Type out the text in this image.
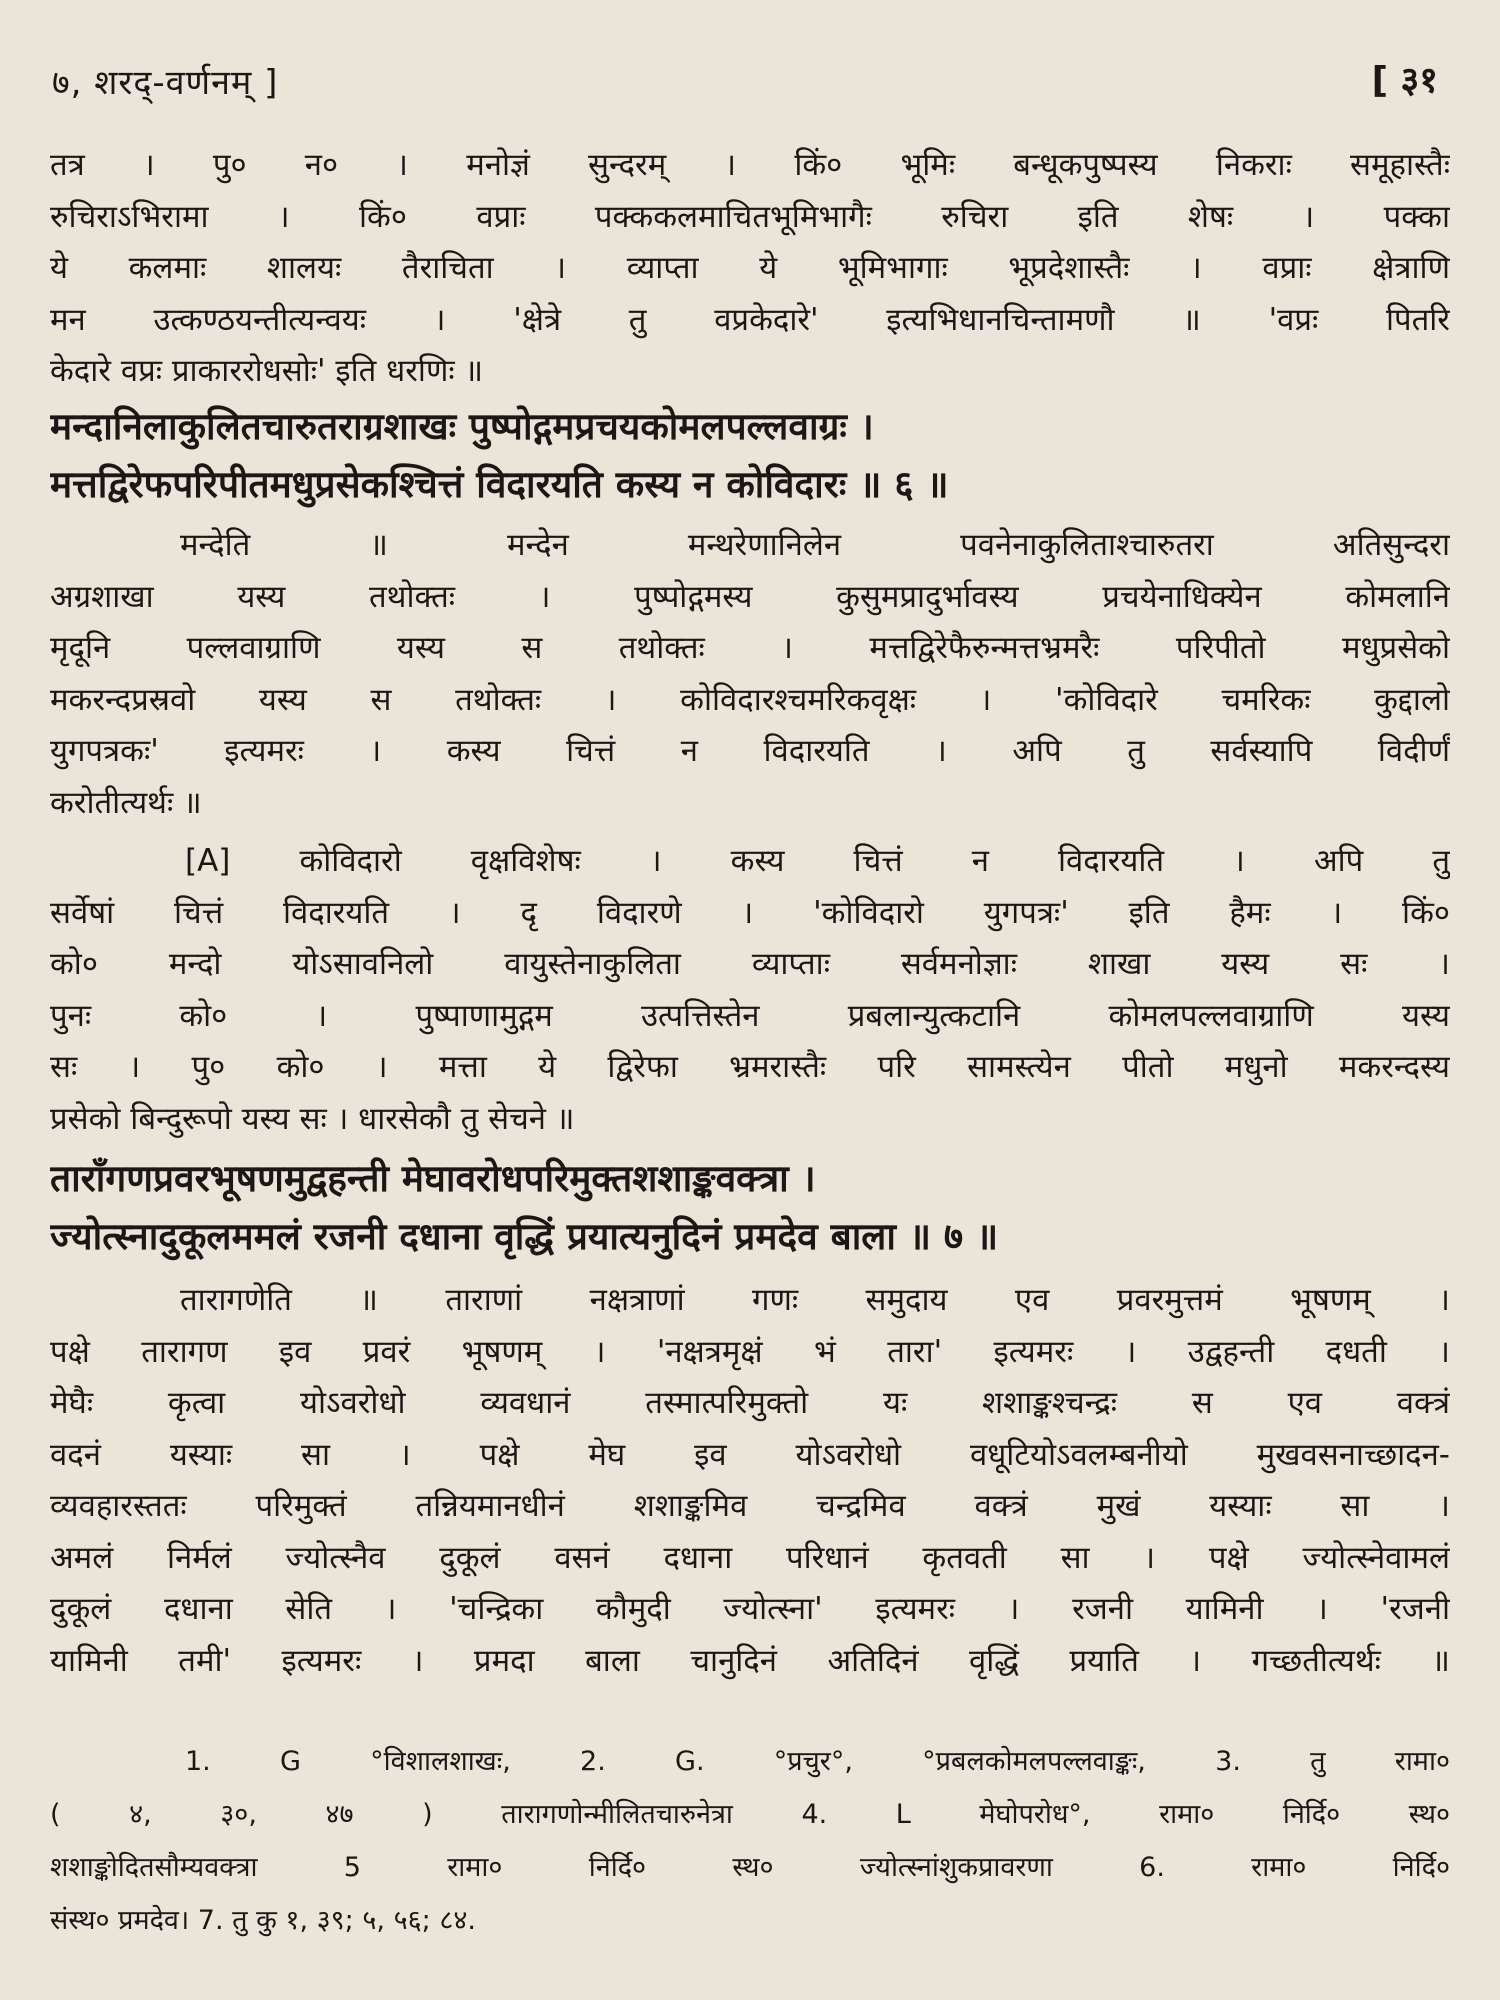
७, शरद्-वर्णनम् ]	[ ३१
तत्र । पु० न० । मनोज्ञं सुन्दरम् । किं० भूमिः बन्धूकपुष्पस्य निकराः समूहास्तैः
रुचिराऽभिरामा । किं० वप्राः पक्ककलमाचितभूमिभागैः रुचिरा इति शेषः । पक्का
ये कलमाः शालयः तैराचिता । व्याप्ता ये भूमिभागाः भूप्रदेशास्तैः । वप्राः क्षेत्राणि
मन उत्कण्ठयन्तीत्यन्वयः । 'क्षेत्रे तु वप्रकेदारे' इत्यभिधानचिन्तामणौ ॥ 'वप्रः पितरि
केदारे वप्रः प्राकाररोधसोः' इति धरणिः ॥
मन्दानिलाकुलितचारुतराग्रशाखः पुष्पोद्गमप्रचयकोमलपल्लवाग्रः ।
मत्तद्विरेफपरिपीतमधुप्रसेकश्चित्तं विदारयति कस्य न कोविदारः ॥ ६ ॥
मन्देति ॥ मन्देन मन्थरेणानिलेन पवनेनाकुलिताश्चारुतरा अतिसुन्दरा
अग्रशाखा यस्य तथोक्तः । पुष्पोद्गमस्य कुसुमप्रादुर्भावस्य प्रचयेनाधिक्येन कोमलानि
मृदूनि पल्लवाग्राणि यस्य स तथोक्तः । मत्तद्विरेफैरुन्मत्तभ्रमरैः परिपीतो मधुप्रसेको
मकरन्दप्रस्रवो यस्य स तथोक्तः । कोविदारश्चमरिकवृक्षः । 'कोविदारे चमरिकः कुद्दालो
युगपत्रकः' इत्यमरः । कस्य चित्तं न विदारयति । अपि तु सर्वस्यापि विदीर्णं
करोतीत्यर्थः ॥
[A] कोविदारो वृक्षविशेषः । कस्य चित्तं न विदारयति । अपि तु
सर्वेषां चित्तं विदारयति । दृ विदारणे । 'कोविदारो युगपत्रः' इति हैमः । किं०
को० मन्दो योऽसावनिलो वायुस्तेनाकुलिता व्याप्ताः सर्वमनोज्ञाः शाखा यस्य सः ।
पुनः को० । पुष्पाणामुद्गम उत्पत्तिस्तेन प्रबलान्युत्कटानि कोमलपल्लवाग्राणि यस्य
सः । पु० को० । मत्ता ये द्विरेफा भ्रमरास्तैः परि सामस्त्येन पीतो मधुनो मकरन्दस्य
प्रसेको बिन्दुरूपो यस्य सः । धारसेकौ तु सेचने ॥
ताराँगणप्रवरभूषणमुद्वहन्ती मेघावरोधपरिमुक्तशशाङ्कवक्त्रा ।
ज्योत्स्नादुकूलममलं रजनी दधाना वृद्धिं प्रयात्यनुदिनं प्रमदेव बाला ॥ ७ ॥
तारागणेति ॥ ताराणां नक्षत्राणां गणः समुदाय एव प्रवरमुत्तमं भूषणम् ।
पक्षे तारागण इव प्रवरं भूषणम् । 'नक्षत्रमृक्षं भं तारा' इत्यमरः । उद्वहन्ती दधती ।
मेघैः कृत्वा योऽवरोधो व्यवधानं तस्मात्परिमुक्तो यः शशाङ्कश्चन्द्रः स एव वक्त्रं
वदनं यस्याः सा । पक्षे मेघ इव योऽवरोधो वधूटियोऽवलम्बनीयो मुखवसनाच्छादन-
व्यवहारस्ततः परिमुक्तं तन्नियमानधीनं शशाङ्कमिव चन्द्रमिव वक्त्रं मुखं यस्याः सा ।
अमलं निर्मलं ज्योत्स्नैव दुकूलं वसनं दधाना परिधानं कृतवती सा । पक्षे ज्योत्स्नेवामलं
दुकूलं दधाना सेति । 'चन्द्रिका कौमुदी ज्योत्स्ना' इत्यमरः । रजनी यामिनी । 'रजनी
यामिनी तमी' इत्यमरः । प्रमदा बाला चानुदिनं अतिदिनं वृद्धिं प्रयाति । गच्छतीत्यर्थः ॥
1. G °विशालशाखः, 2. G. °प्रचुर°, °प्रबलकोमलपल्लवाङ्कः, 3. तु रामा०
( ४, ३०, ४७ ) तारागणोन्मीलितचारुनेत्रा 4. L मेघोपरोध°, रामा० निर्दि० स्थ०
शशाङ्कोदितसौम्यवक्त्रा 5 रामा० निर्दि० स्थ० ज्योत्स्नांशुकप्रावरणा 6. रामा० निर्दि०
संस्थ० प्रमदेव। 7. तु कु १, ३९; ५, ५६; ८४.
